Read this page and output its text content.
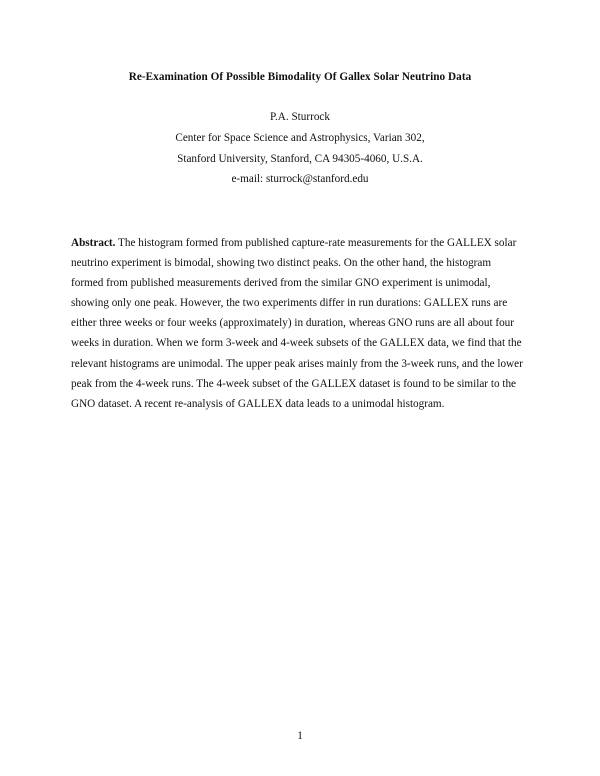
Re-Examination Of Possible Bimodality Of Gallex Solar Neutrino Data
P.A. Sturrock
Center for Space Science and Astrophysics, Varian 302,
Stanford University, Stanford, CA 94305-4060, U.S.A.
e-mail: sturrock@stanford.edu
Abstract. The histogram formed from published capture-rate measurements for the GALLEX solar
neutrino experiment is bimodal, showing two distinct peaks. On the other hand, the histogram
formed from published measurements derived from the similar GNO experiment is unimodal,
showing only one peak. However, the two experiments differ in run durations: GALLEX runs are
either three weeks or four weeks (approximately) in duration, whereas GNO runs are all about four
weeks in duration. When we form 3-week and 4-week subsets of the GALLEX data, we find that the
relevant histograms are unimodal. The upper peak arises mainly from the 3-week runs, and the lower
peak from the 4-week runs. The 4-week subset of the GALLEX dataset is found to be similar to the
GNO dataset. A recent re-analysis of GALLEX data leads to a unimodal histogram.
1
